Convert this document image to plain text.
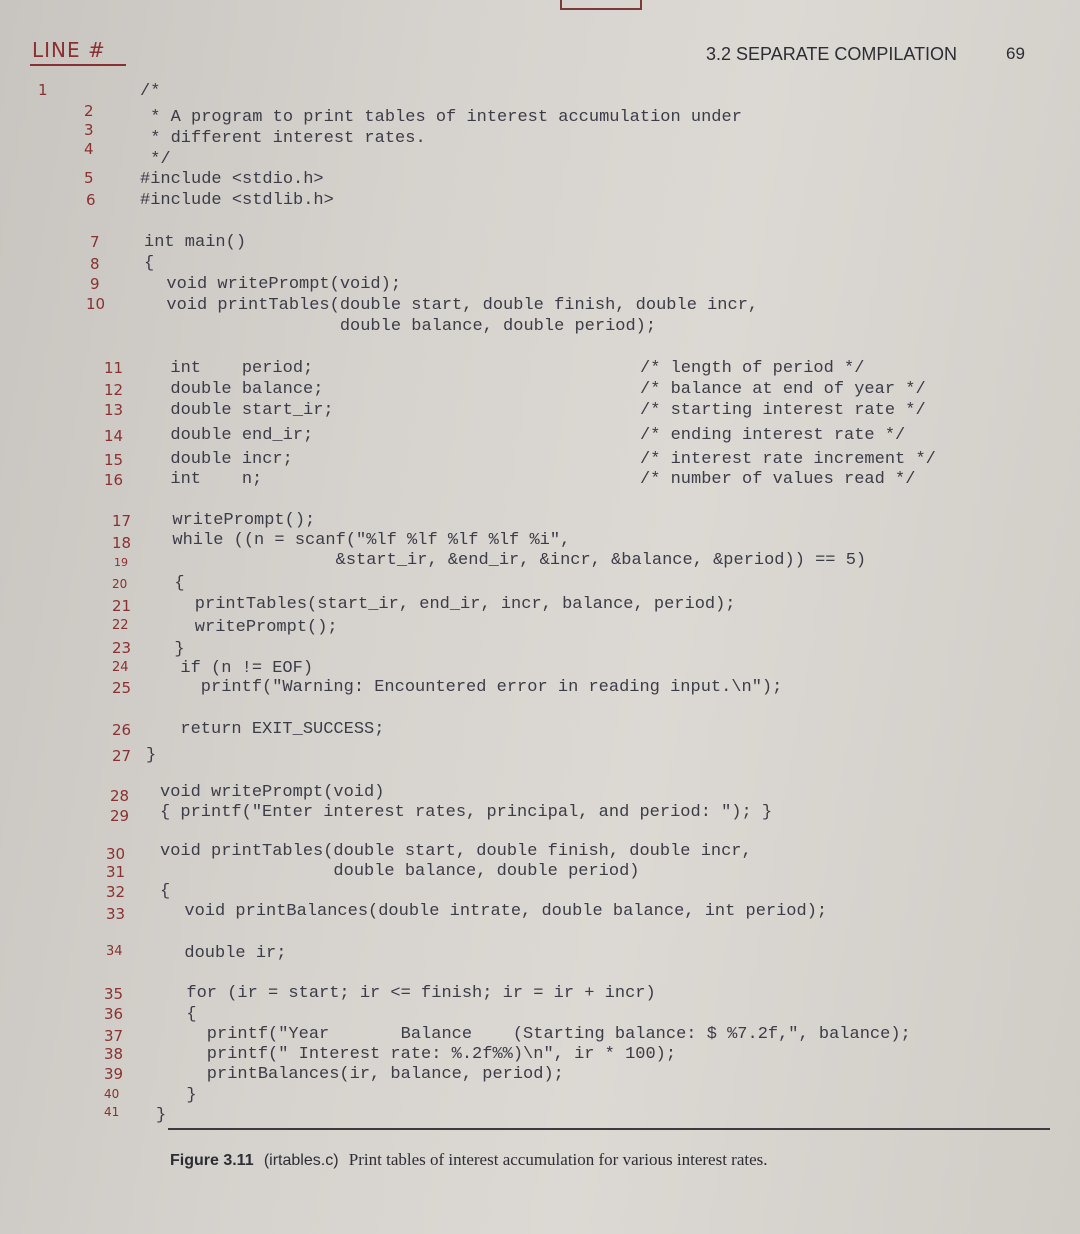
LINE #	3.2 SEPARATE COMPILATION	69
1
2
3
4
5
6
7
8
9
10
11
12
13
14
15
16
17
18
19
20
21
22
23
24
25
26
27
28
29
30
31
32
33
34
35
36
37
38
39
40
41
/*
* A program to print tables of interest accumulation under
* different interest rates.
*/
#include <stdio.h>
#include <stdlib.h>
int main()
{
void writePrompt(void);
void printTables(double start, double finish, double incr,
double balance, double period);
int    period;
double balance;
double start_ir;
double end_ir;
double incr;
int    n;
/* length of period */
/* balance at end of year */
/* starting interest rate */
/* ending interest rate */
/* interest rate increment */
/* number of values read */
writePrompt();
while ((n = scanf("%lf %lf %lf %lf %i",
&start_ir, &end_ir, &incr, &balance, &period)) == 5)
{
printTables(start_ir, end_ir, incr, balance, period);
writePrompt();
}
if (n != EOF)
printf("Warning: Encountered error in reading input.\n");
return EXIT_SUCCESS;
}
void writePrompt(void)
{ printf("Enter interest rates, principal, and period: "); }
void printTables(double start, double finish, double incr,
double balance, double period)
{
void printBalances(double intrate, double balance, int period);
double ir;
for (ir = start; ir <= finish; ir = ir + incr)
{
printf("Year       Balance    (Starting balance: $ %7.2f,", balance);
printf(" Interest rate: %.2f%%)\n", ir * 100);
printBalances(ir, balance, period);
}
}
Figure 3.11 (irtables.c) Print tables of interest accumulation for various interest rates.
